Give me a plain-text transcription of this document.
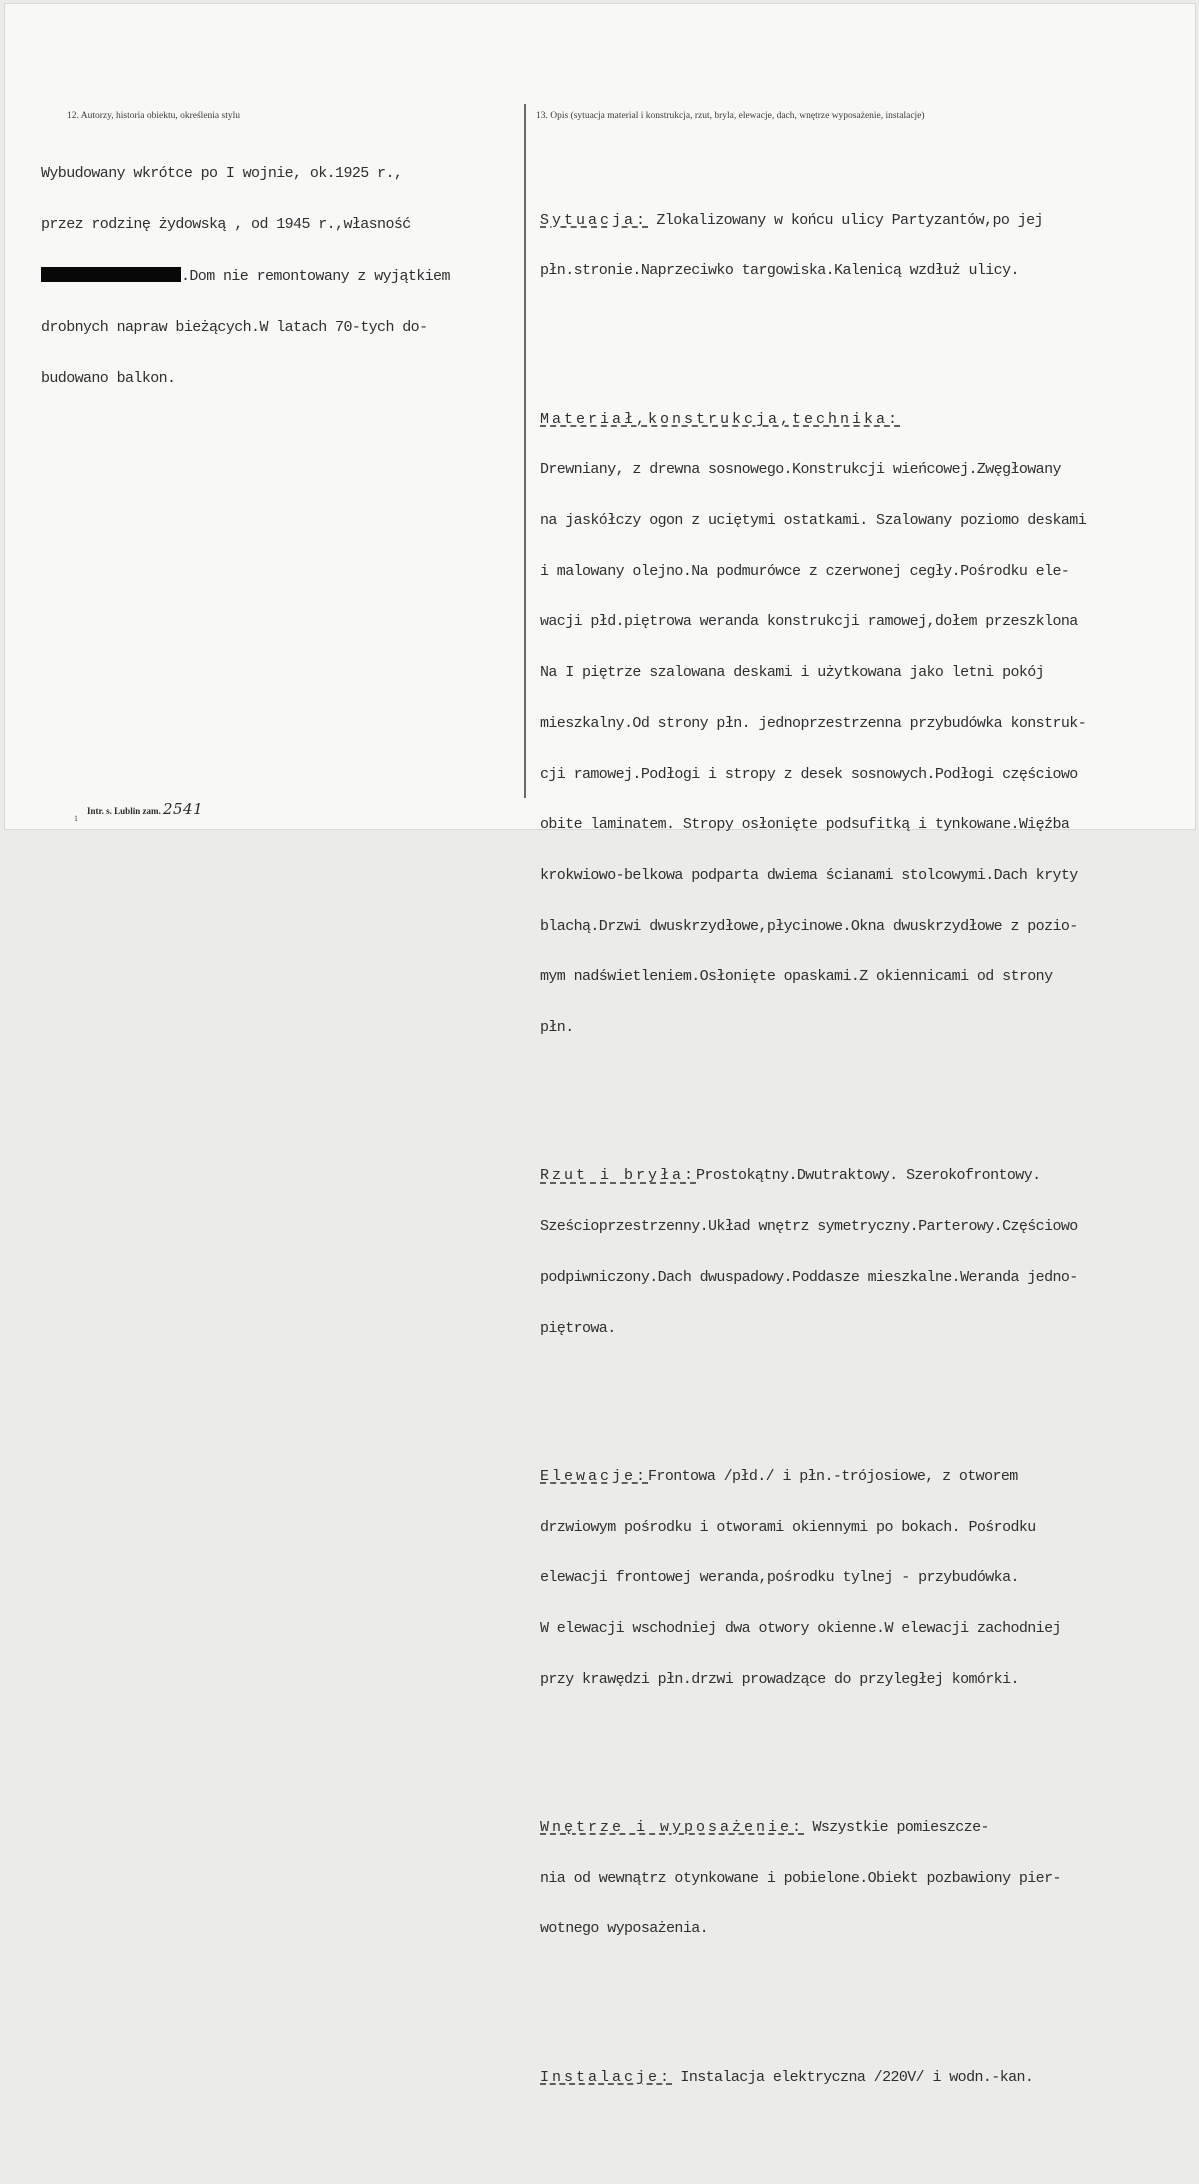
12. Autorzy, historia obiektu, określenia stylu	13. Opis (sytuacja material i konstrukcja, rzut, bryla, elewacje, dach, wnętrze wyposażenie, instalacje)

Wybudowany wkrótce po I wojnie, ok.1925 r.,

przez rodzinę żydowską , od 1945 r.,własność

.Dom nie remontowany z wyjątkiem

drobnych napraw bieżących.W latach 70-tych do-

budowano balkon.

Sytuacja: Zlokalizowany w końcu ulicy Partyzantów,po jej

płn.stronie.Naprzeciwko targowiska.Kalenicą wzdłuż ulicy.

Materiał,konstrukcja,technika:

Drewniany, z drewna sosnowego.Konstrukcji wieńcowej.Zwęgłowany

na jaskółczy ogon z uciętymi ostatkami. Szalowany poziomo deskami

i malowany olejno.Na podmurówce z czerwonej cegły.Pośrodku ele-

wacji płd.piętrowa weranda konstrukcji ramowej,dołem przeszklona

Na I piętrze szalowana deskami i użytkowana jako letni pokój

mieszkalny.Od strony płn. jednoprzestrzenna przybudówka konstruk-

cji ramowej.Podłogi i stropy z desek sosnowych.Podłogi częściowo

obite laminatem. Stropy osłonięte podsufitką i tynkowane.Więźba

krokwiowo-belkowa podparta dwiema ścianami stolcowymi.Dach kryty

blachą.Drzwi dwuskrzydłowe,płycinowe.Okna dwuskrzydłowe z pozio-

mym nadświetleniem.Osłonięte opaskami.Z okiennicami od strony

płn.

Rzut i bryła:Prostokątny.Dwutraktowy. Szerokofrontowy.

Sześcioprzestrzenny.Układ wnętrz symetryczny.Parterowy.Częściowo

podpiwniczony.Dach dwuspadowy.Poddasze mieszkalne.Weranda jedno-

piętrowa.

Elewacje:Frontowa /płd./ i płn.-trójosiowe, z otworem

drzwiowym pośrodku i otworami okiennymi po bokach. Pośrodku

elewacji frontowej weranda,pośrodku tylnej - przybudówka.

W elewacji wschodniej dwa otwory okienne.W elewacji zachodniej

przy krawędzi płn.drzwi prowadzące do przyległej komórki.

Wnętrze i wyposażenie: Wszystkie pomieszcze-

nia od wewnątrz otynkowane i pobielone.Obiekt pozbawiony pier-

wotnego wyposażenia.

Instalacje: Instalacja elektryczna /220V/ i wodn.-kan.

Intr. s. Lublin zam. 2541
1
